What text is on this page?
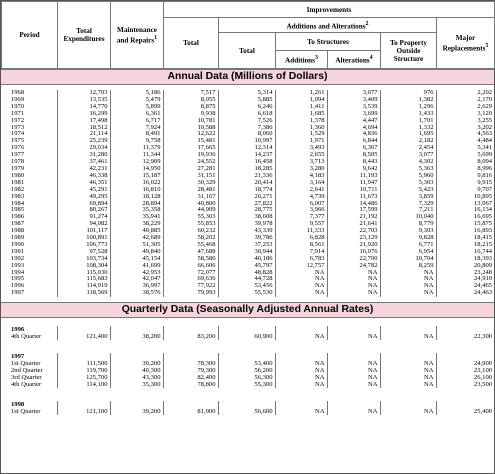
Period	Total Expenditures	Maintenance and Repairs$^1$	Improvements					
			Total	Additions and Alterations$^2$				Major Replacements$^5$
				Total	To Structures		To Property Outside Structure	
					Additions$^3$	Alterations$^4$
Annual Data (Millions of Dollars)

1968	12,703	5,186	7,517	5,314	1,261	3,077	976	2,202
1969	13,535	5,479	8,055	5,885	1,094	3,409	1,382	2,170
1970	14,770	5,899	8,875	6,246	1,411	3,539	1,296	2,629
1971	16,299	6,361	9,938	6,618	1,685	3,699	1,433	3,120
1972	17,498	6,717	10,781	7,526	1,378	4,447	1,701	3,255
1973	18,512	7,924	10,588	7,386	1,360	4,694	1,332	3,202
1974	21,114	8,491	12,622	8,060	1,529	4,836	1,695	4,563
1975	25,239	9,758	15,481	10,997	1,971	6,844	2,182	4,484
1976	29,034	11,379	17,665	12,314	3,493	6,367	2,454	5,341
1977	31,280	11,344	19,936	14,237	2,655	8,505	3,077	5,699
1978	37,461	12,909	24,552	16,458	3,713	8,443	4,302	8,094
1979	42,231	14,950	27,281	18,285	3,280	9,642	5,363	8,996
1980	46,338	15,187	31,151	21,336	4,183	11,193	5,960	9,816
1981	46,351	16,022	30,329	20,414	3,164	11,947	5,303	9,915
1982	45,291	16,810	28,481	18,774	2,641	10,711	5,423	9,707
1983	49,295	18,128	31,167	20,271	4,739	11,673	3,859	10,895
1984	69,894	28,894	40,800	27,822	6,007	14,486	7,329	13,067
1985	80,267	35,358	44,909	28,775	3,966	17,599	7,211	16,134
1986	91,274	35,941	55,303	38,608	7,377	21,192	10,040	16,695
1987	94,082	38,229	55,853	39,978	9,557	21,641	8,779	15,875
1988	101,117	40,885	60,232	43,339	11,333	22,703	9,303	16,893
1989	100,891	42,689	58,202	39,786	6,828	23,129	9,828	18,415
1990	106,773	51,305	55,468	37,253	8,561	21,920	6,771	18,215
1991	97,528	49,840	47,688	30,944	7,914	16,076	6,954	16,744
1992	103,734	45,154	58,580	40,186	6,783	22,700	10,704	18,393
1993	108,304	41,699	66,606	45,797	12,757	24,782	8,259	20,809
1994	115,030	42,953	72,077	48,828	NA	NA	NA	23,248
1995	115,683	42,047	69,636	44,728	NA	NA	NA	24,910
1996	114,919	36,997	77,922	53,456	NA	NA	NA	24,465
1997	118,569	38,576	79,993	55,530	NA	NA	NA	24,463

Quarterly Data (Seasonally Adjusted Annual Rates)

1996								
4th Quarter	121,400	38,200	83,200	60,900	NA	NA	NA	22,300

1997								
1st Quarter	111,500	30,200	78,300	53,400	NA	NA	NA	24,900
2nd Quarter	119,700	40,300	79,300	56,200	NA	NA	NA	23,100
3rd Quarter	125,700	43,300	82,400	56,300	NA	NA	NA	26,100
4th Quarter	114,100	35,300	78,800	55,300	NA	NA	NA	23,500

1998								
1st Quarter	121,100	39,200	81,900	56,600	NA	NA	NA	25,400
